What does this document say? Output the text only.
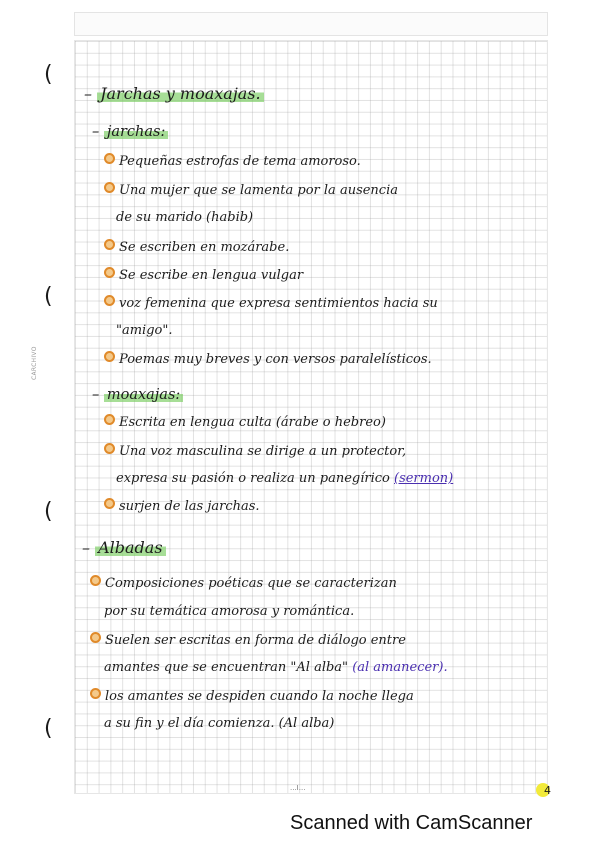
(
(
(
(
CARCHIVO
– Jarchas y moaxajas.
– jarchas:
Pequeñas estrofas de tema amoroso.
Una mujer que se lamenta por la ausencia
de su marido (habib)
Se escriben en mozárabe.
Se escribe en lengua vulgar
voz femenina que expresa sentimientos hacia su
"amigo".
Poemas muy breves y con versos paralelísticos.
– moaxajas:
Escrita en lengua culta (árabe o hebreo)
Una voz masculina se dirige a un protector,
expresa su pasión o realiza un panegírico (sermon)
surjen de las jarchas.
– Albadas
Composiciones poéticas que se caracterizan
por su temática amorosa y romántica.
Suelen ser escritas en forma de diálogo entre
amantes que se encuentran "Al alba" (al amanecer).
los amantes se despiden cuando la noche llega
a su fin y el día comienza. (Al alba)
...I...	4
Scanned with CamScanner
